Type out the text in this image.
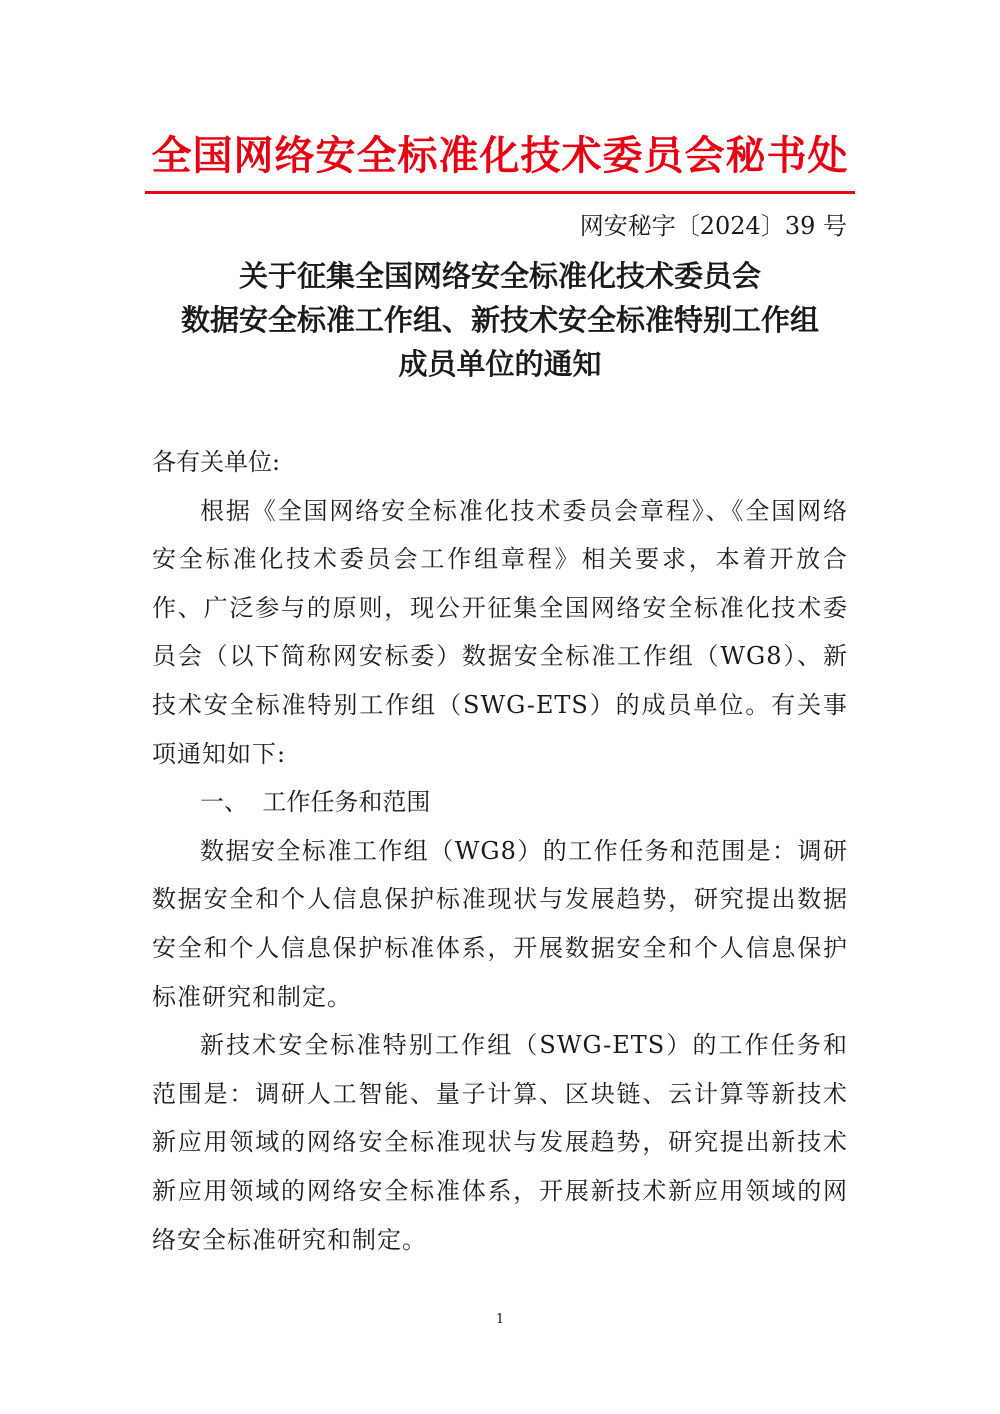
全国网络安全标准化技术委员会秘书处
网安秘字〔2024〕39 号
关于征集全国网络安全标准化技术委员会
数据安全标准工作组、新技术安全标准特别工作组
成员单位的通知

各有关单位:

根据《全国网络安全标准化技术委员会章程》、《全国网络安全标准化技术委员会工作组章程》相关要求，本着开放合作、广泛参与的原则，现公开征集全国网络安全标准化技术委员会（以下简称网安标委）数据安全标准工作组（WG8）、新技术安全标准特别工作组（SWG-ETS）的成员单位。有关事项通知如下:

一、 工作任务和范围

数据安全标准工作组（WG8）的工作任务和范围是：调研数据安全和个人信息保护标准现状与发展趋势，研究提出数据安全和个人信息保护标准体系，开展数据安全和个人信息保护标准研究和制定。

新技术安全标准特别工作组（SWG-ETS）的工作任务和范围是：调研人工智能、量子计算、区块链、云计算等新技术新应用领域的网络安全标准现状与发展趋势，研究提出新技术新应用领域的网络安全标准体系，开展新技术新应用领域的网络安全标准研究和制定。

1
